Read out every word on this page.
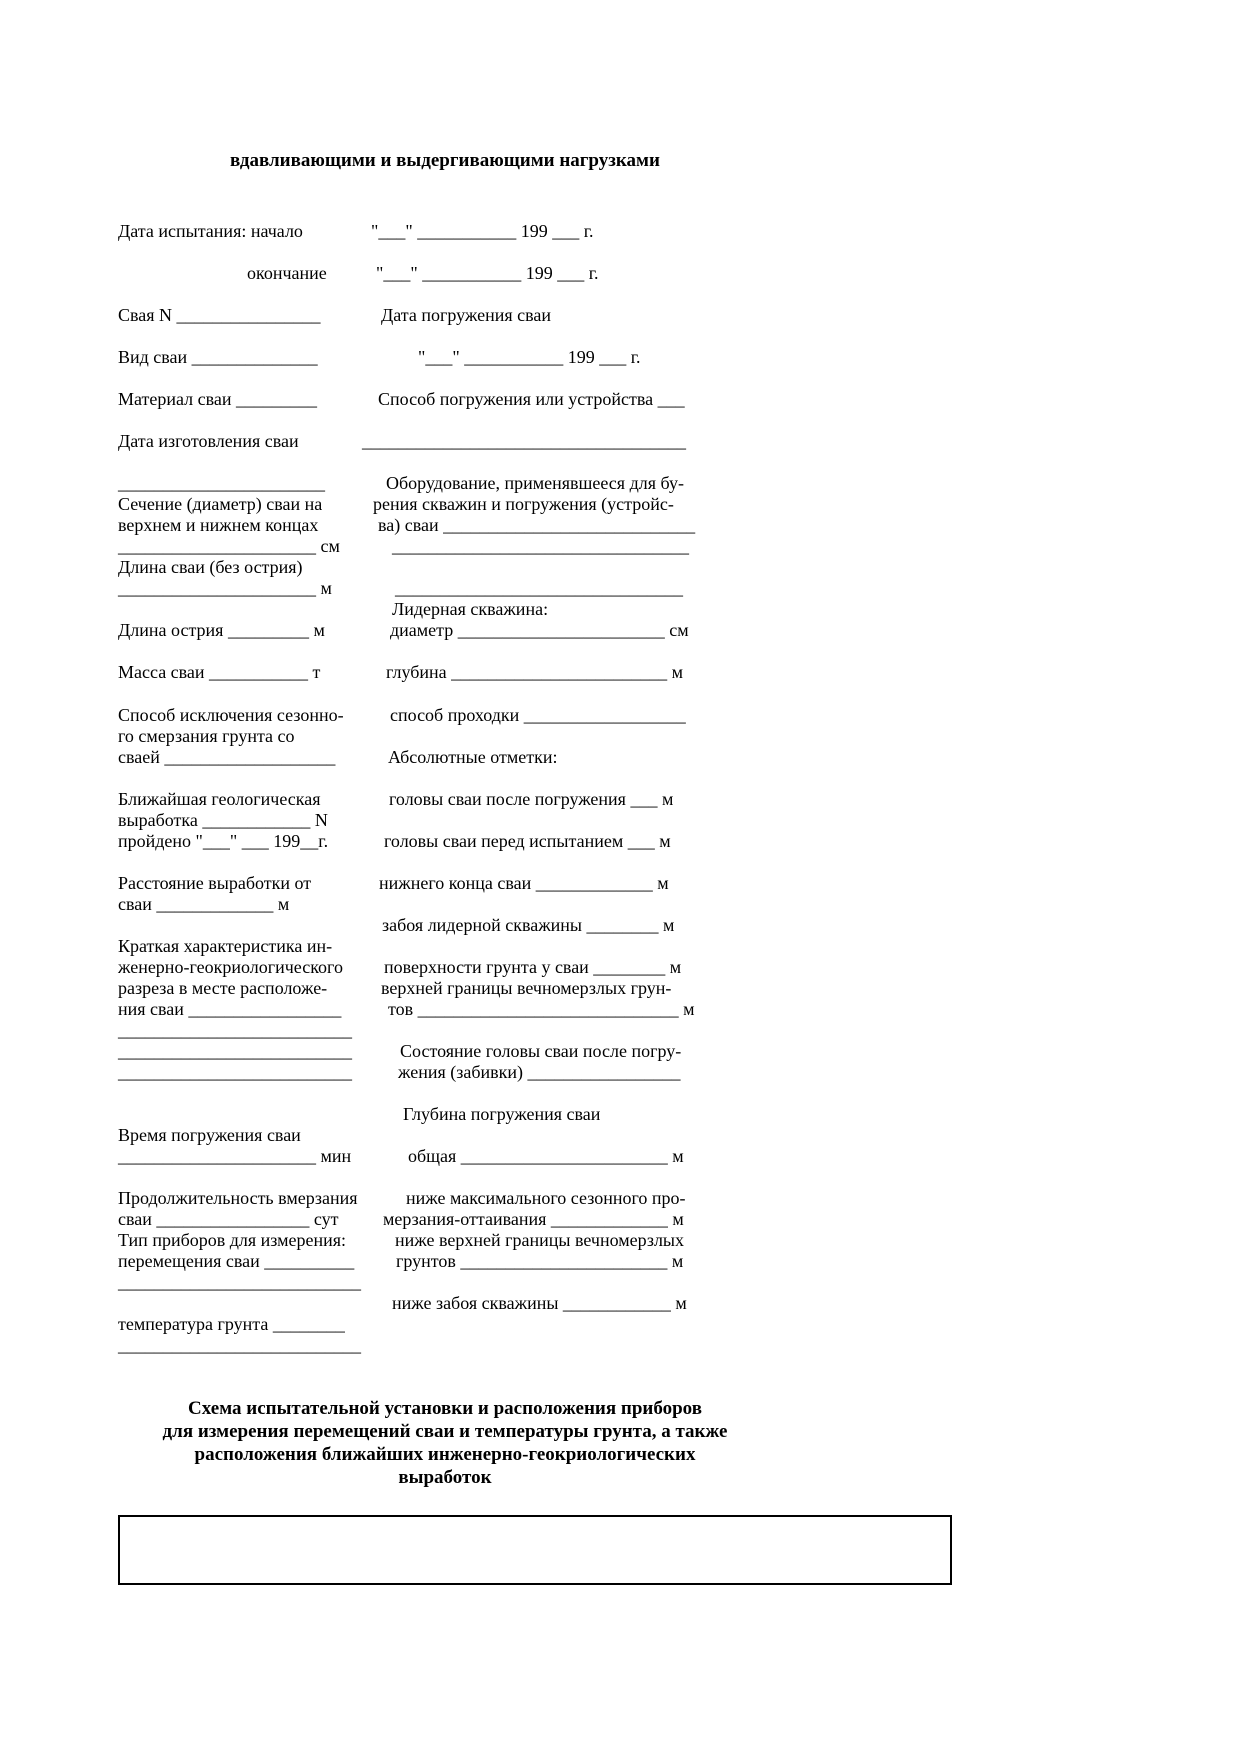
вдавливающими и выдергивающими нагрузками
Дата испытания: начало
окончание
Свая N ________________
Вид сваи ______________
Материал сваи _________
Дата изготовления сваи
_______________________
Сечение (диаметр) сваи на
верхнем и нижнем концах
______________________ см
Длина сваи (без острия)
______________________ м
Длина острия _________ м
Масса сваи ___________ т
Способ исключения сезонно-
го смерзания грунта со
сваей ___________________
Ближайшая геологическая
выработка ____________ N
пройдено "___" ___ 199__г.
Расстояние выработки от
сваи _____________ м
Краткая характеристика ин-
женерно-геокриологического
разреза в месте расположе-
ния сваи _________________
__________________________
__________________________
__________________________
Время погружения сваи
______________________ мин
Продолжительность вмерзания
сваи _________________ сут
Тип приборов для измерения:
перемещения сваи __________
___________________________
температура грунта ________
___________________________
"___" ___________ 199 ___ г.
"___" ___________ 199 ___ г.
Дата погружения сваи
"___" ___________ 199 ___ г.
Способ погружения или устройства ___
____________________________________
Оборудование, применявшееся для бу-
рения скважин и погружения (устройс-
ва) сваи ____________________________
_________________________________
________________________________
Лидерная скважина:
диаметр _______________________ см
глубина ________________________ м
способ проходки __________________
Абсолютные отметки:
головы сваи после погружения ___ м
головы сваи перед испытанием ___ м
нижнего конца сваи _____________ м
забоя лидерной скважины ________ м
поверхности грунта у сваи ________ м
верхней границы вечномерзлых грун-
тов _____________________________ м
Состояние головы сваи после погру-
жения (забивки) _________________
Глубина погружения сваи
общая _______________________ м
ниже максимального сезонного про-
мерзания-оттаивания _____________ м
ниже верхней границы вечномерзлых
грунтов _______________________ м
ниже забоя скважины ____________ м
Схема испытательной установки и расположения приборов
для измерения перемещений сваи и температуры грунта, а также
расположения ближайших инженерно-геокриологических
выработок
